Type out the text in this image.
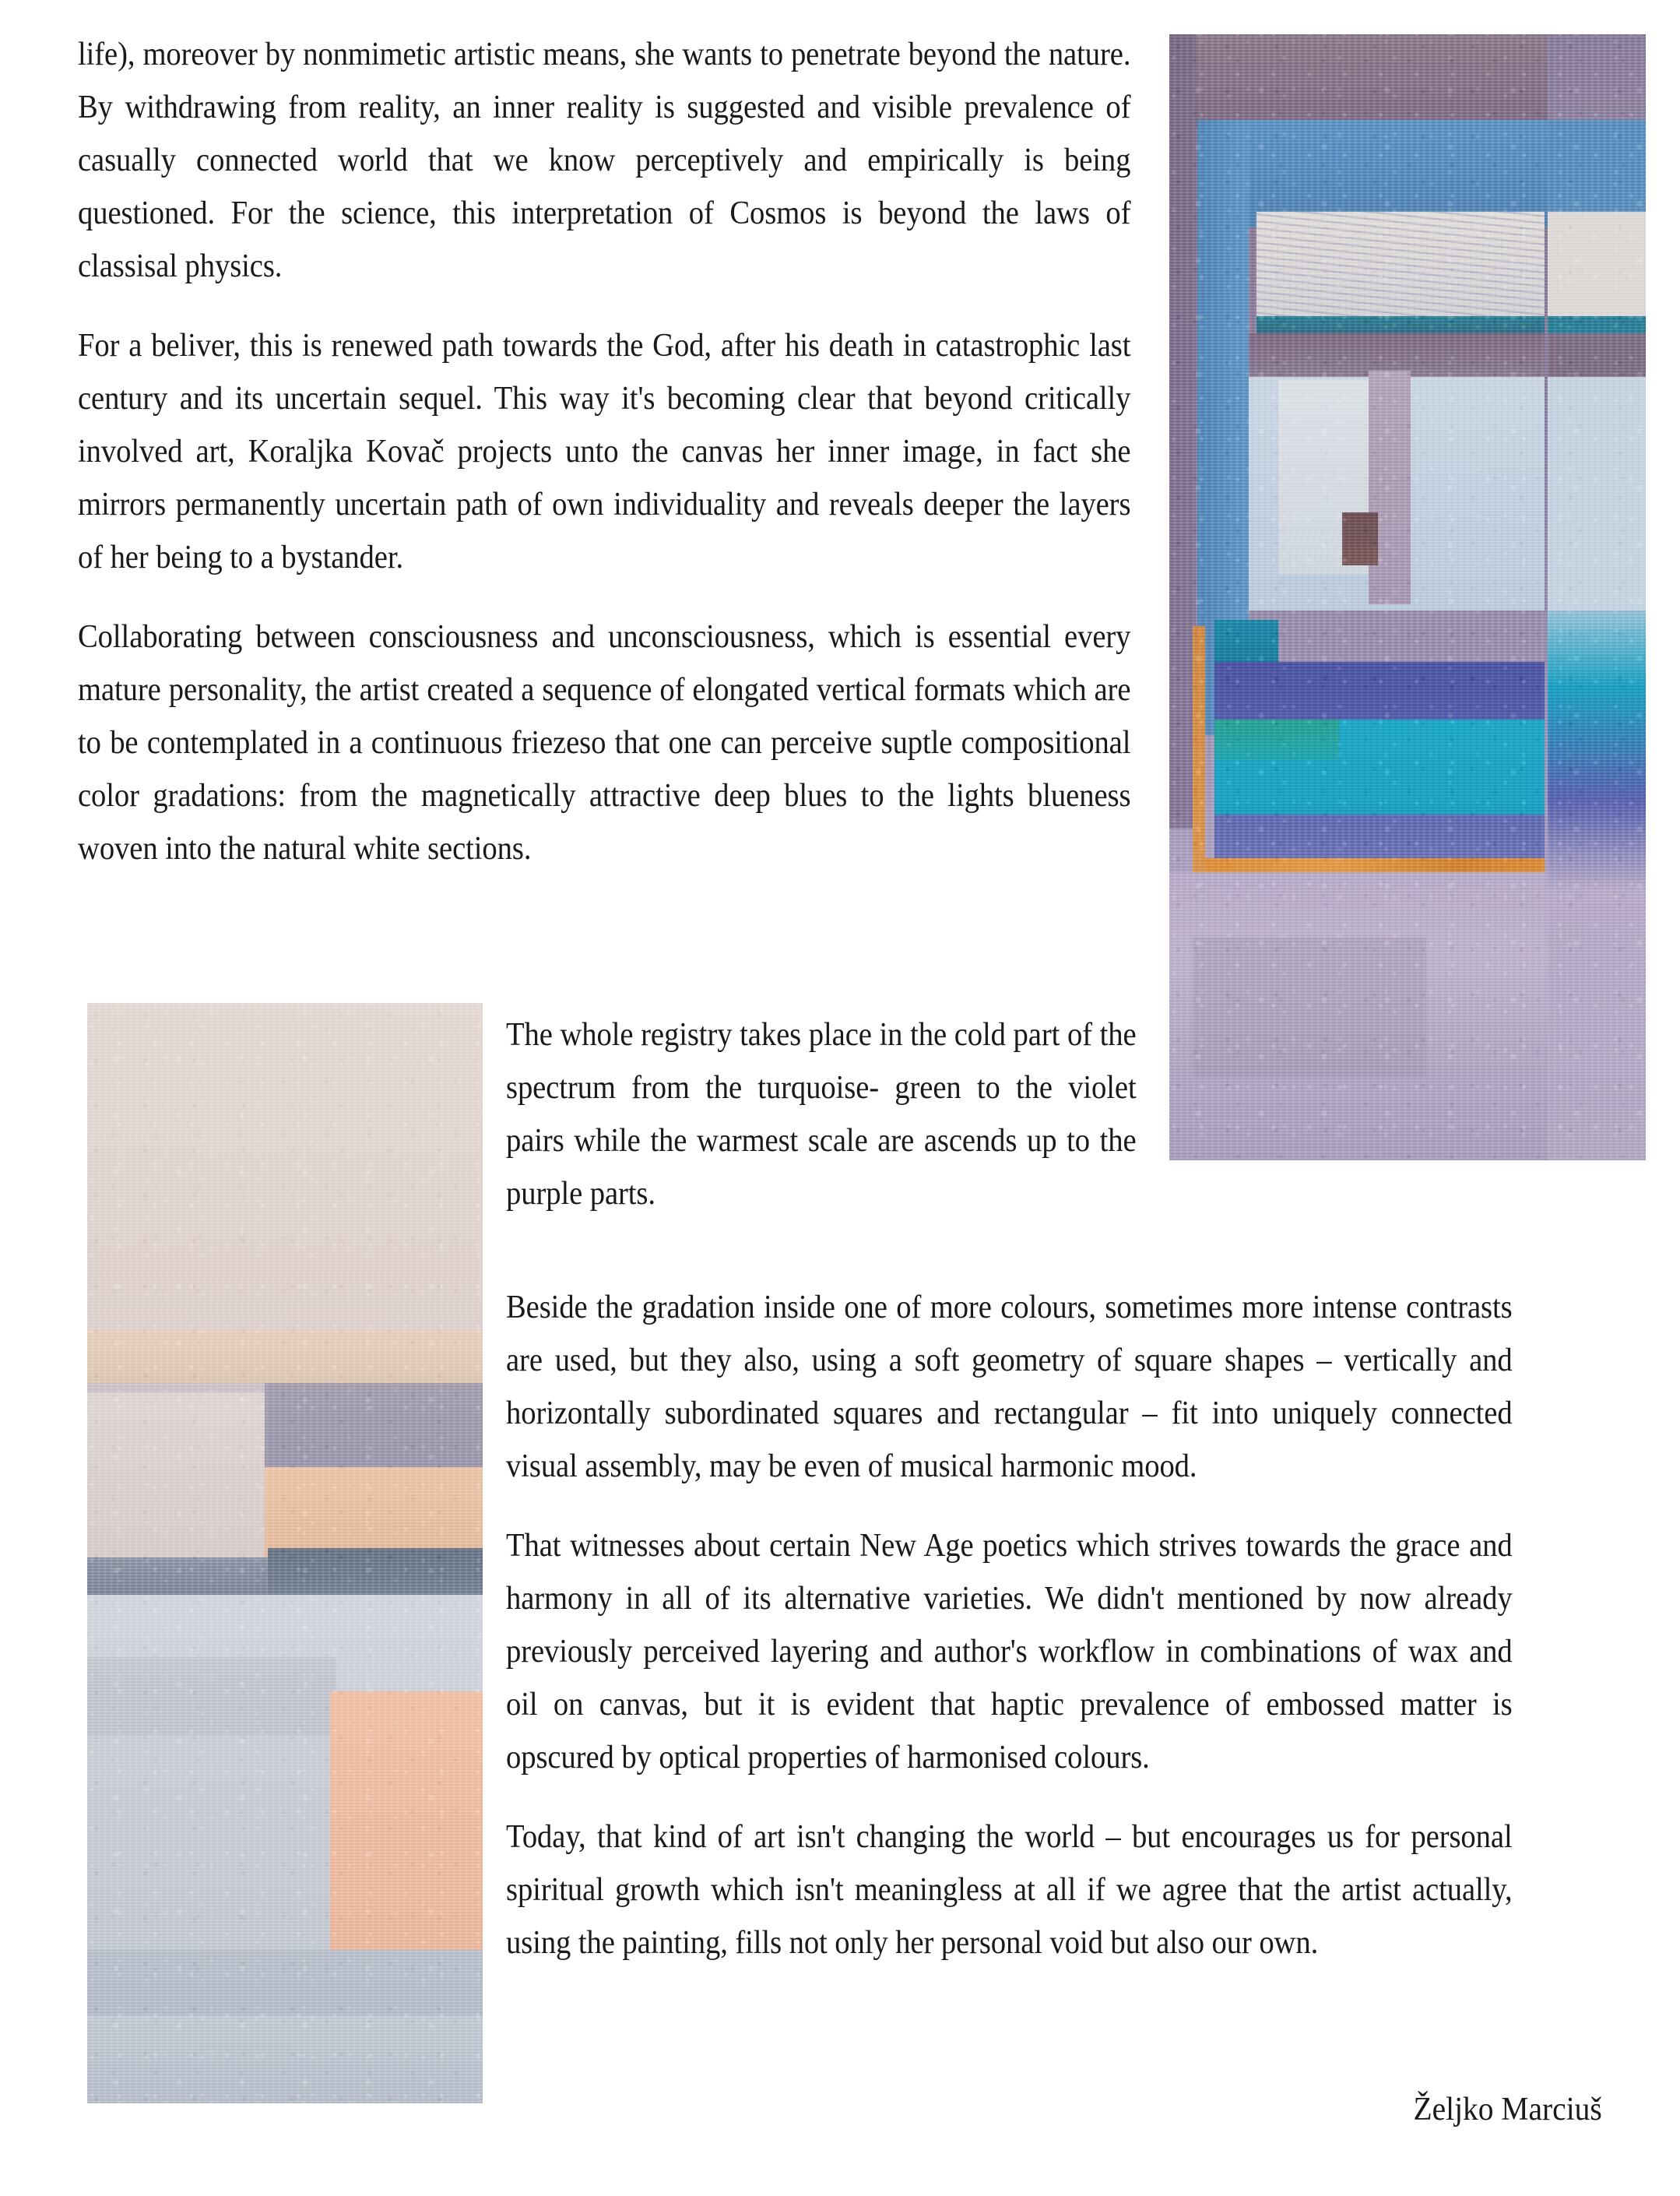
life), moreover by nonmimetic artistic means, she wants to penetrate beyond the nature. By withdrawing from reality, an inner reality is suggested and visible prevalence of casually connected world that we know perceptively and empirically is being questioned. For the science, this interpretation of Cosmos is beyond the laws of classisal physics.

For a beliver, this is renewed path towards the God, after his death in catastrophic last century and its uncertain sequel. This way it's becoming clear that beyond critically involved art, Koraljka Kovač projects unto the canvas her inner image, in fact she mirrors permanently uncertain path of own individuality and reveals deeper the layers of her being to a bystander.

Collaborating between consciousness and unconsciousness, which is essential every mature personality, the artist created a sequence of elongated vertical formats which are to be contemplated in a continuous friezeso that one can perceive suptle compositional color gradations: from the magnetically attractive deep blues to the lights blueness woven into the natural white sections.

The whole registry takes place in the cold part of the spectrum from the turquoise- green to the violet pairs while the warmest scale are ascends up to the purple parts.

Beside the gradation inside one of more colours, sometimes more intense contrasts are used, but they also, using a soft geometry of square shapes – vertically and horizontally subordinated squares and rectangular – fit into uniquely connected visual assembly, may be even of musical harmonic mood.

That witnesses about certain New Age poetics which strives towards the grace and harmony in all of its alternative varieties. We didn't mentioned by now already previously perceived layering and author's workflow in combinations of wax and oil on canvas, but it is evident that haptic prevalence of embossed matter is opscured by optical properties of harmonised colours.

Today, that kind of art isn't changing the world – but encourages us for personal spiritual growth which isn't meaningless at all if we agree that the artist actually, using the painting, fills not only her personal void but also our own.

Željko Marciuš
